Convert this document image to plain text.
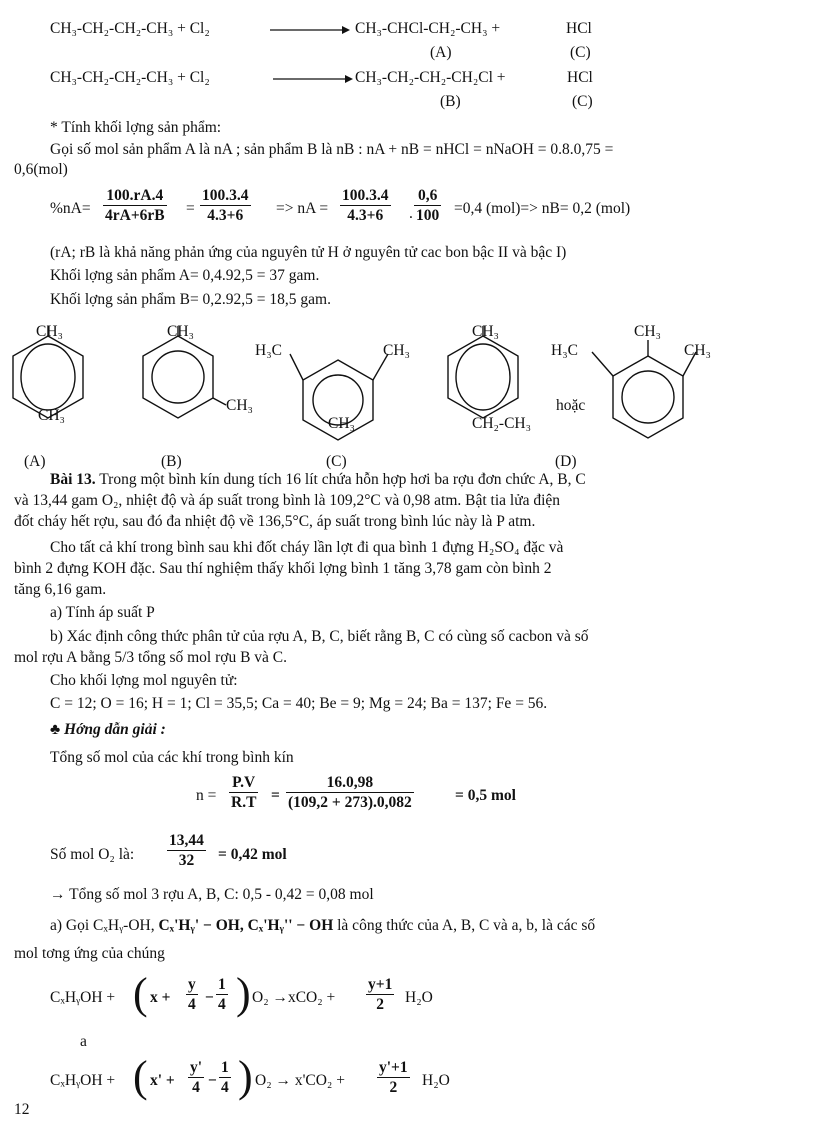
CH₃-CH₂-CH₂-CH₃ + Cl₂	CH₃-CHCl-CH₂-CH₃ +	HCl
(A)	(C)
CH₃-CH₂-CH₂-CH₃ + Cl₂	CH₃-CH₂-CH₂-CH₂Cl +	HCl
(B)	(C)
* Tính khối lợng sản phẩm:
Gọi số mol sản phẩm A là nA ; sản phẩm B là nB : nA + nB = nHCl = nNaOH = 0.8.0,75 =
0,6(mol)
$\%nA= \frac{100.rA.4}{4rA+6rB} = \frac{100.3.4}{4.3+6}$ => nA = $\frac{100.3.4}{4.3+6}$ . $\frac{0,6}{100} =0,4$ (mol)=> nB= 0,2 (mol)
(rA; rB là khả năng phản ứng của nguyên tử H ở nguyên tử cac bon bậc II và bậc I)
Khối lợng sản phẩm A= 0,4.92,5 = 37 gam.
Khối lợng sản phẩm B= 0,2.92,5 = 18,5 gam.
CH₃
CH₃
CH₃
CH₃
H₃C	CH₃
CH₃
CH₃
CH₂-CH₃
hoặc
H₃C
CH₃
CH₃
(A)	(B)	(C)	(D)
Bài 13. Trong một bình kín dung tích 16 lít chứa hỗn hợp hơi ba rợu đơn chức A, B, C
và 13,44 gam O₂, nhiệt độ và áp suất trong bình là 109,2°C và 0,98 atm. Bật tia lửa điện
đốt cháy hết rợu, sau đó đa nhiệt độ về 136,5°C, áp suất trong bình lúc này là P atm.
Cho tất cả khí trong bình sau khi đốt cháy lần lợt đi qua bình 1 đựng H₂SO₄ đặc và
bình 2 đựng KOH đặc. Sau thí nghiệm thấy khối lợng bình 1 tăng 3,78 gam còn bình 2
tăng 6,16 gam.
a) Tính áp suất P
b) Xác định công thức phân tử của rợu A, B, C, biết rằng B, C có cùng số cacbon và số
mol rợu A bằng 5/3 tổng số mol rợu B và C.
Cho khối lợng mol nguyên tử:
C = 12; O = 16; H = 1; Cl = 35,5; Ca = 40; Be = 9; Mg = 24; Ba = 137; Fe = 56.
♣ Hớng dẫn giải :
Tổng số mol của các khí trong bình kín
$n = \frac{P.V}{R.T} = \frac{16.0,98}{(109,2 + 273).0,082}$	= 0,5 mol
Số mol O₂ là: $\frac{13,44}{32} = 0,42$ mol
→ Tổng số mol 3 rợu A, B, C: 0,5 - 0,42 = 0,08 mol
a) Gọi CₓHᵧ-OH, Cₓ'Hᵧ' − OH, Cₓ'Hᵧ'' − OH là công thức của A, B, C và a, b, là các số
mol tơng ứng của chúng
CₓHᵧOH + ( $x + \frac{y}{4} - \frac{1}{4}$ ) $O_2 \to xCO_2 + \frac{y+1}{2} H_2O$
a
CₓHᵧOH + ( $x' + \frac{y'}{4} - \frac{1}{4}$ ) $O_2 \to x'CO_2 + \frac{y'+1}{2} H_2O$
12
